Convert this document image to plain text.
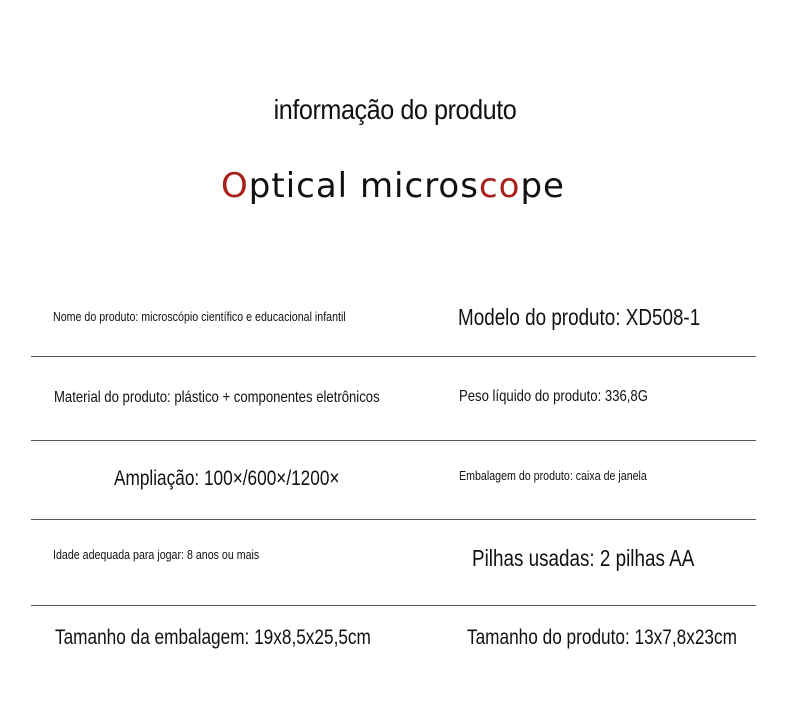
informação do produto
Optical microscope

Nome do produto: microscópio científico e educacional infantil	Modelo do produto: XD508-1

Material do produto: plástico + componentes eletrônicos	Peso líquido do produto: 336,8G

Ampliação: 100×/600×/1200×	Embalagem do produto: caixa de janela

Idade adequada para jogar: 8 anos ou mais	Pilhas usadas: 2 pilhas AA

Tamanho da embalagem: 19x8,5x25,5cm	Tamanho do produto: 13x7,8x23cm
